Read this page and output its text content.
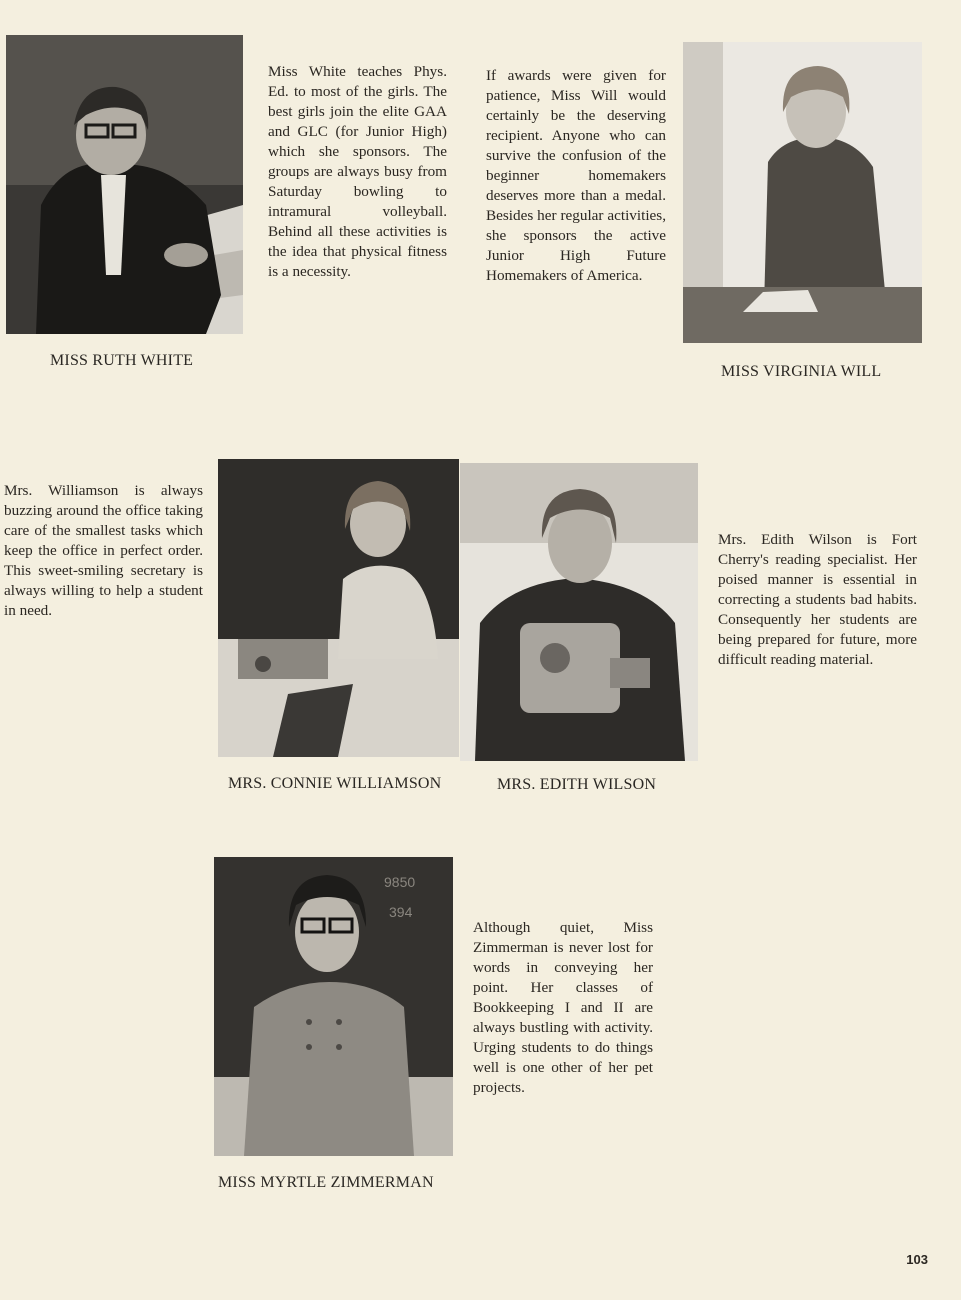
MISS RUTH WHITE
Miss White teaches Phys. Ed. to most of the girls. The best girls join the elite GAA and GLC (for Junior High) which she sponsors. The groups are always busy from Saturday bowling to intramural volleyball. Behind all these activities is the idea that physical fitness is a necessity.
If awards were given for patience, Miss Will would certainly be the deserving recipient. Anyone who can survive the confusion of the beginner homemakers deserves more than a medal. Besides her regular activities, she sponsors the active Junior High Future Homemakers of America.
MISS VIRGINIA WILL
Mrs. Williamson is always buzzing around the office taking care of the smallest tasks which keep the office in perfect order. This sweet-smiling secretary is always willing to help a student in need.
MRS. CONNIE WILLIAMSON	MRS. EDITH WILSON
Mrs. Edith Wilson is Fort Cherry's reading specialist. Her poised manner is essential in correcting a students bad habits. Consequently her students are being prepared for future, more difficult reading material.
9850
394
MISS MYRTLE ZIMMERMAN
Although quiet, Miss Zimmerman is never lost for words in conveying her point. Her classes of Bookkeeping I and II are always bustling with activity. Urging students to do things well is one other of her pet projects.
103
